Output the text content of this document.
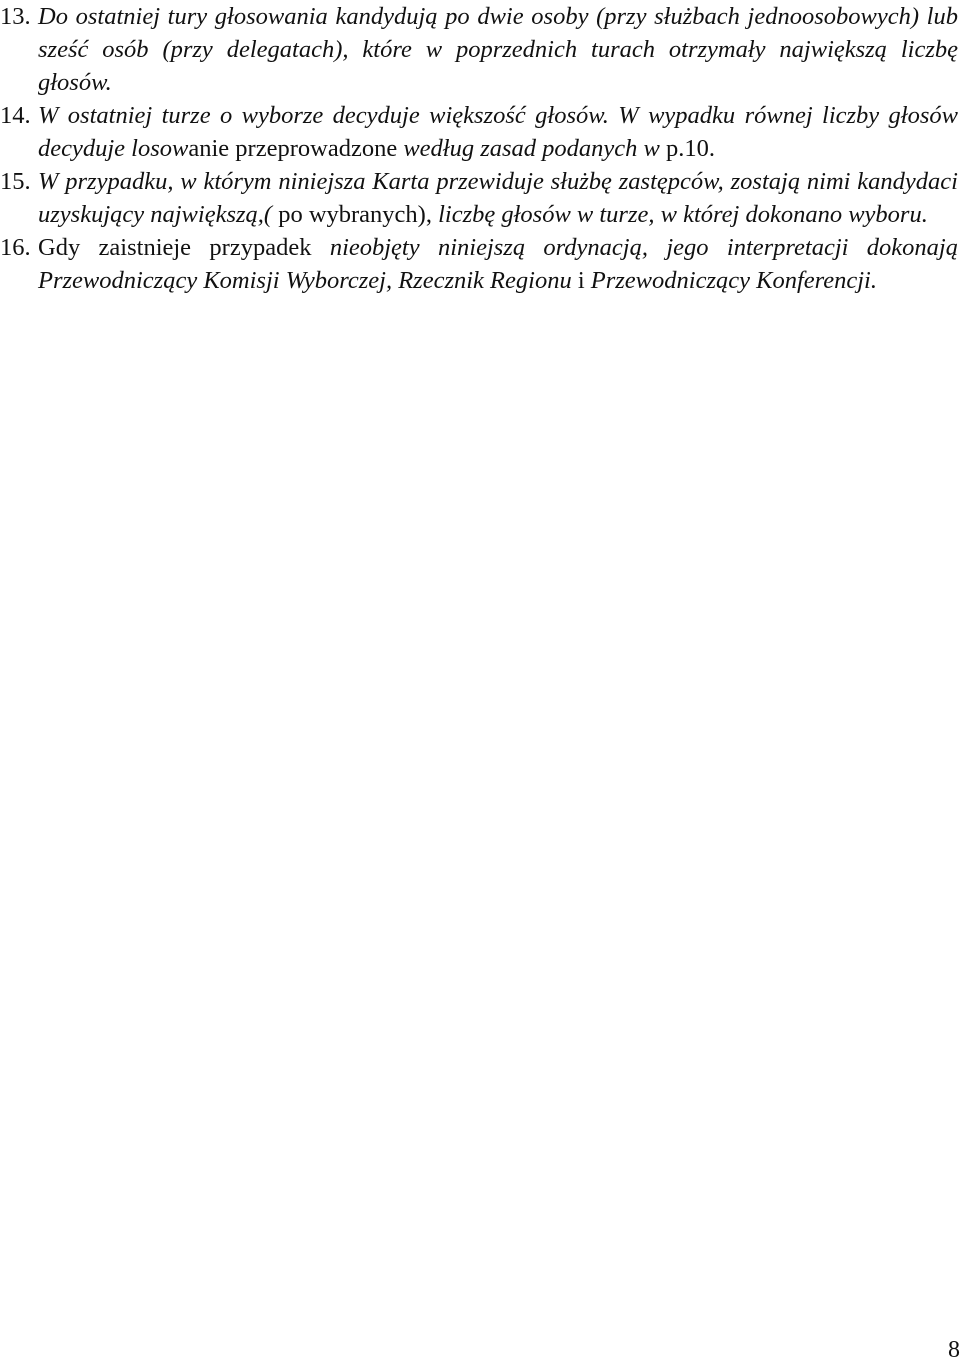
13. Do ostatniej tury głosowania kandydują po dwie osoby (przy służbach jednoosobowych) lub sześć osób (przy delegatach), które w poprzednich turach otrzymały największą liczbę głosów.
14. W ostatniej turze o wyborze decyduje większość głosów. W wypadku równej liczby głosów decyduje losowanie przeprowadzone według zasad podanych w p.10.
15. W przypadku, w którym niniejsza Karta przewiduje służbę zastępców, zostają nimi kandydaci uzyskujący największą,( po wybranych), liczbę głosów w turze, w której dokonano wyboru.
16. Gdy zaistnieje przypadek nieobjęty niniejszą ordynacją, jego interpretacji dokonają Przewodniczący Komisji Wyborczej, Rzecznik Regionu i Przewodniczący Konferencji.
8
